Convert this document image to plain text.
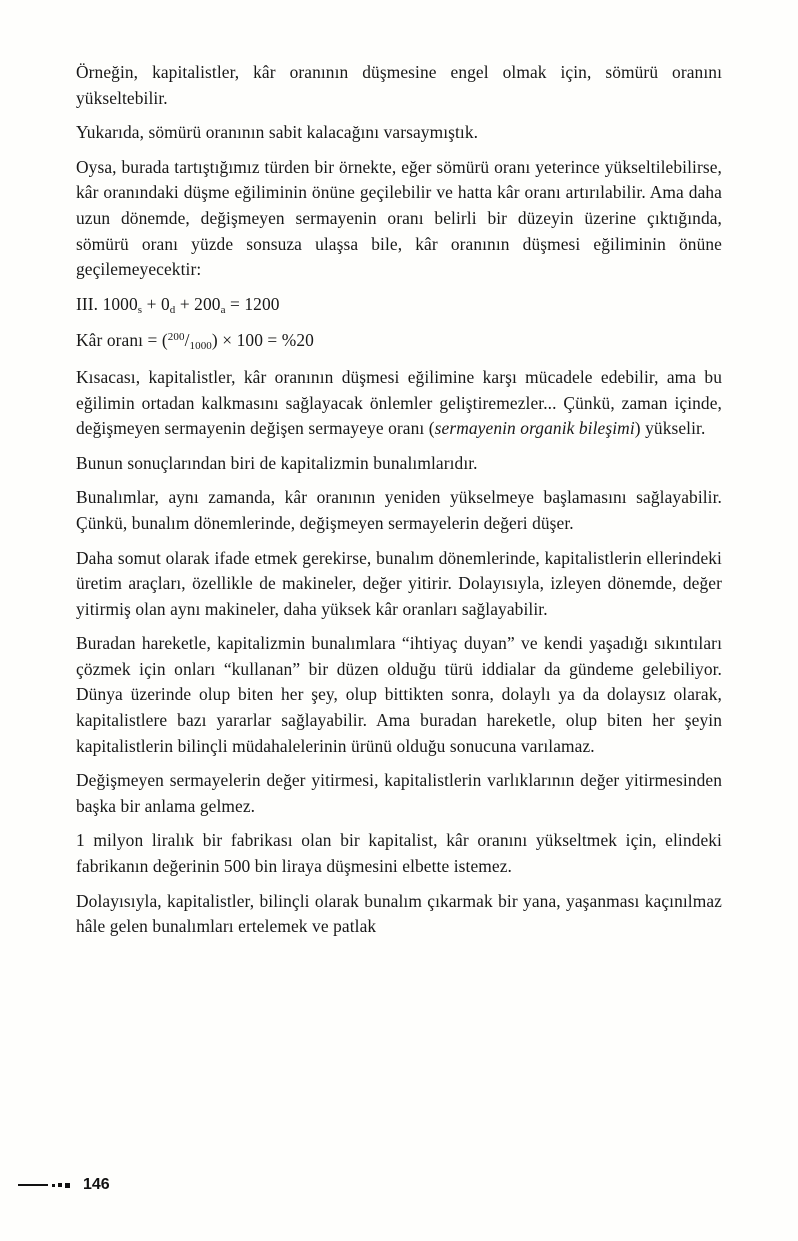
Örneğin, kapitalistler, kâr oranının düşmesine engel olmak için, sömürü oranını yükseltebilir.

Yukarıda, sömürü oranının sabit kalacağını varsaymıştık.

Oysa, burada tartıştığımız türden bir örnekte, eğer sömürü oranı yeterince yükseltilebilirse, kâr oranındaki düşme eğiliminin önüne geçilebilir ve hatta kâr oranı artırılabilir. Ama daha uzun dönemde, değişmeyen sermayenin oranı belirli bir düzeyin üzerine çıktığında, sömürü oranı yüzde sonsuza ulaşsa bile, kâr oranının düşmesi eğiliminin önüne geçilemeyecektir:

III. $1000_s + 0_d + 200_a = 1200$

Kâr oranı = $(^{200}/_{1000}) \times 100 = \%20$

Kısacası, kapitalistler, kâr oranının düşmesi eğilimine karşı mücadele edebilir, ama bu eğilimin ortadan kalkmasını sağlayacak önlemler geliştiremezler... Çünkü, zaman içinde, değişmeyen sermayenin değişen sermayeye oranı (sermayenin organik bileşimi) yükselir.

Bunun sonuçlarından biri de kapitalizmin bunalımlarıdır.

Bunalımlar, aynı zamanda, kâr oranının yeniden yükselmeye başlamasını sağlayabilir. Çünkü, bunalım dönemlerinde, değişmeyen sermayelerin değeri düşer.

Daha somut olarak ifade etmek gerekirse, bunalım dönemlerinde, kapitalistlerin ellerindeki üretim araçları, özellikle de makineler, değer yitirir. Dolayısıyla, izleyen dönemde, değer yitirmiş olan aynı makineler, daha yüksek kâr oranları sağlayabilir.

Buradan hareketle, kapitalizmin bunalımlara “ihtiyaç duyan” ve kendi yaşadığı sıkıntıları çözmek için onları “kullanan” bir düzen olduğu türü iddialar da gündeme gelebiliyor. Dünya üzerinde olup biten her şey, olup bittikten sonra, dolaylı ya da dolaysız olarak, kapitalistlere bazı yararlar sağlayabilir. Ama buradan hareketle, olup biten her şeyin kapitalistlerin bilinçli müdahalelerinin ürünü olduğu sonucuna varılamaz.

Değişmeyen sermayelerin değer yitirmesi, kapitalistlerin varlıklarının değer yitirmesinden başka bir anlama gelmez.

1 milyon liralık bir fabrikası olan bir kapitalist, kâr oranını yükseltmek için, elindeki fabrikanın değerinin 500 bin liraya düşmesini elbette istemez.

Dolayısıyla, kapitalistler, bilinçli olarak bunalım çıkarmak bir yana, yaşanması kaçınılmaz hâle gelen bunalımları ertelemek ve patlak

146
